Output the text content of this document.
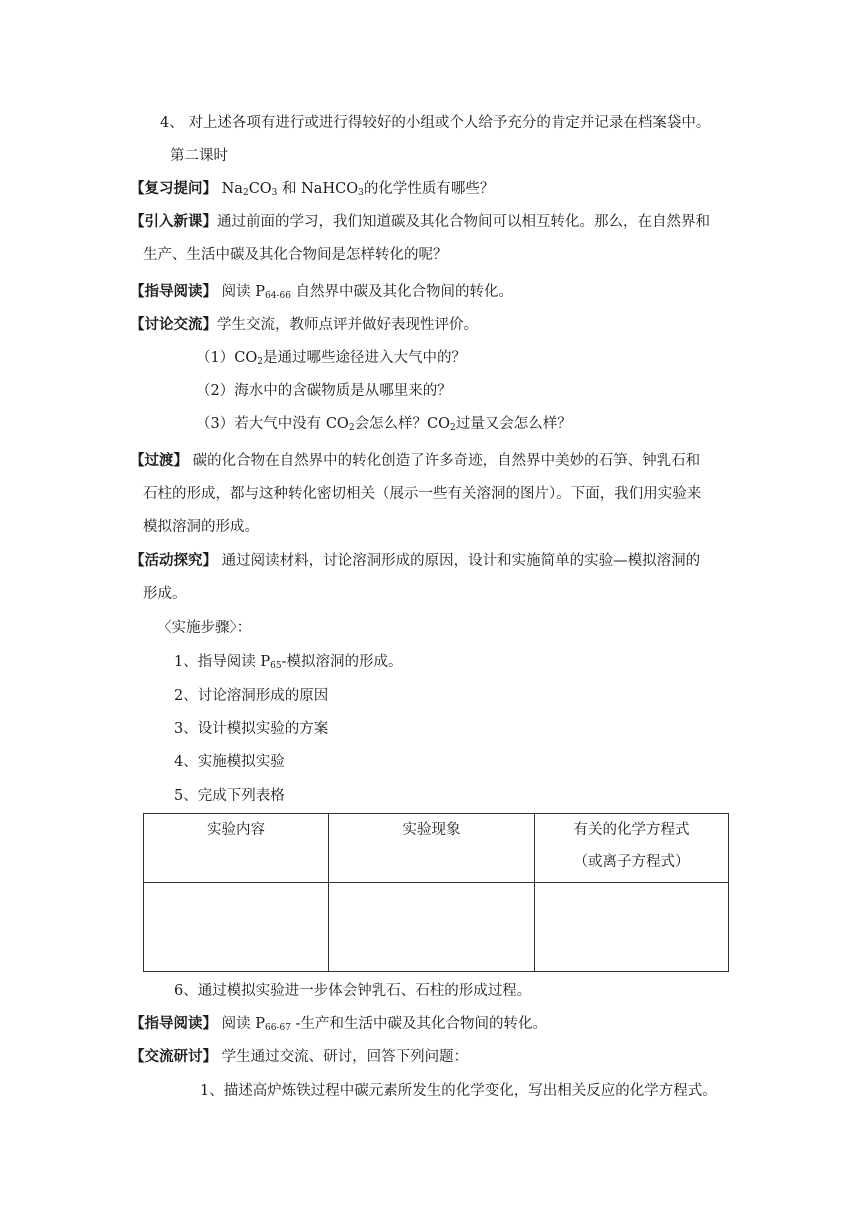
4、 对上述各项有进行或进行得较好的小组或个人给予充分的肯定并记录在档案袋中。
第二课时
【复习提问】 $Na_2CO_3$ 和 NaHCO$_3$的化学性质有哪些？
【引入新课】通过前面的学习，我们知道碳及其化合物间可以相互转化。那么，在自然界和
生产、生活中碳及其化合物间是怎样转化的呢？
【指导阅读】 阅读 $P_{64-66}$ 自然界中碳及其化合物间的转化。
【讨论交流】学生交流，教师点评并做好表现性评价。
$(1)CO_2$是通过哪些途径进入大气中的？
（2）海水中的含碳物质是从哪里来的？
（3）若大气中没有 $CO_2$会怎么样？$CO_2$过量又会怎么样？
【过渡】 碳的化合物在自然界中的转化创造了许多奇迹，自然界中美妙的石笋、钟乳石和
石柱的形成，都与这种转化密切相关（展示一些有关溶洞的图片）。下面，我们用实验来
模拟溶洞的形成。
【活动探究】 通过阅读材料，讨论溶洞形成的原因，设计和实施简单的实验—模拟溶洞的
形成。
〈实施步骤〉：
1、指导阅读 $P_{65}-$模拟溶洞的形成。
2、讨论溶洞形成的原因
3、设计模拟实验的方案
4、实施模拟实验
5、完成下列表格
实验内容	实验现象	有关的化学方程式
（或离子方程式）

6、通过模拟实验进一步体会钟乳石、石柱的形成过程。
【指导阅读】 阅读 $P_{66-67}$ -生产和生活中碳及其化合物间的转化。
【交流研讨】 学生通过交流、研讨，回答下列问题：
1、描述高炉炼铁过程中碳元素所发生的化学变化，写出相关反应的化学方程式。
